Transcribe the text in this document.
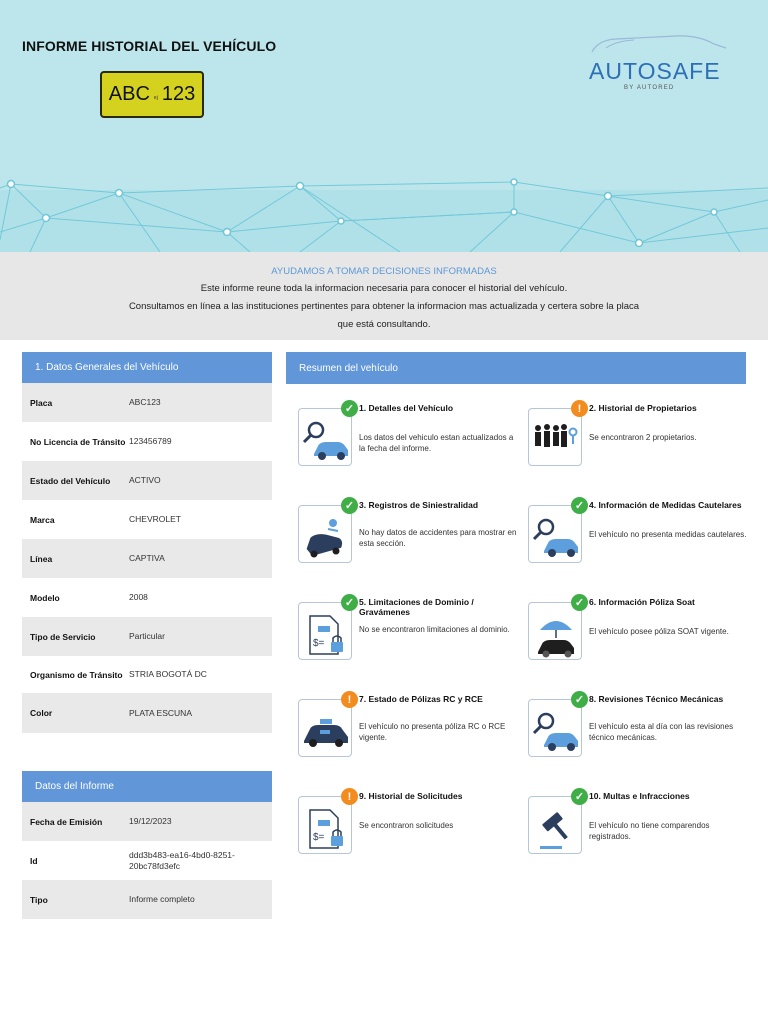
INFORME HISTORIAL DEL VEHÍCULO
ABC ej 123
AUTOSAFE
BY AUTORED
AYUDAMOS A TOMAR DECISIONES INFORMADAS
Este informe reune toda la informacion necesaria para conocer el historial del vehículo.
Consultamos en línea a las instituciones pertinentes para obtener la informacion mas actualizada y certera sobre la placa
que está consultando.
1. Datos Generales del Vehículo
Placa	ABC123
No Licencia de Tránsito 123456789
Estado del Vehículo	ACTIVO
Marca	CHEVROLET
Línea	CAPTIVA
Modelo	2008
Tipo de Servicio	Particular
Organismo de Tránsito STRIA BOGOTÁ DC
Color	PLATA ESCUNA
Datos del Informe
Fecha de Emisión	19/12/2023
Id
ddd3b483-ea16-4bd0-8251-20bc78fd3efc
Tipo	Informe completo
Resumen del vehículo
✓ 1. Detalles del Vehículo
Los datos del vehiculo estan actualizados a la fecha del informe.
! 2. Historial de Propietarios
Se encontraron 2 propietarios.
✓ 3. Registros de Siniestralidad
No hay datos de accidentes para mostrar en esta sección.
✓ 4. Información de Medidas Cautelares
El vehículo no presenta medidas cautelares.
$=
✓ 5. Limitaciones de Dominio / Gravámenes
No se encontraron limitaciones al dominio.
✓ 6. Información Póliza Soat
El vehículo posee póliza SOAT vigente.
! 7. Estado de Pólizas RC y RCE
El vehículo no presenta póliza RC o RCE vigente.
✓ 8. Revisiones Técnico Mecánicas
El vehículo esta al día con las revisiones técnico mecánicas.
$=
! 9. Historial de Solicitudes
Se encontraron solicitudes
✓ 10. Multas e Infracciones
El vehículo no tiene comparendos registrados.
